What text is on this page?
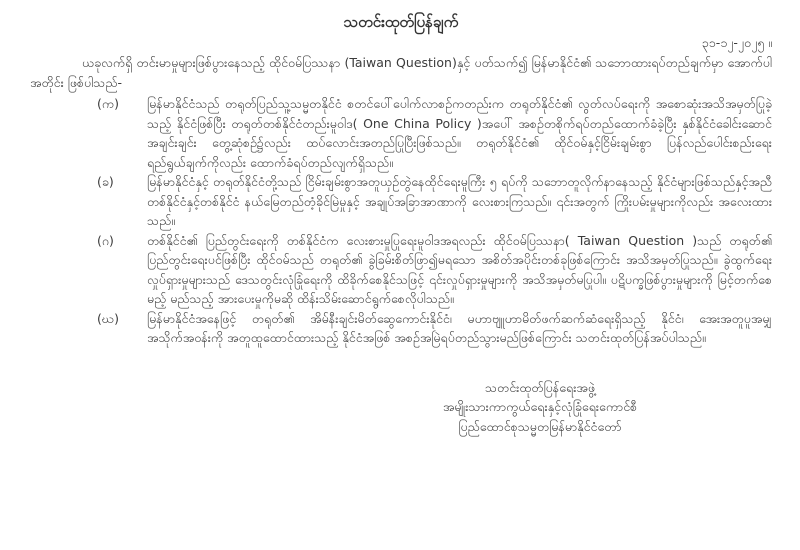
သတင်းထုတ်ပြန်ချက်
၃၁-၁၂-၂၀၂၅ ။

ယခုလက်ရှိ တင်းမာမှုများဖြစ်ပွားနေသည့် ထိုင်ဝမ်ပြဿနာ (Taiwan Question)နှင့် ပတ်သက်၍ မြန်မာနိုင်ငံ၏ သဘောထားရပ်တည်ချက်မှာ အောက်ပါအတိုင်း ဖြစ်ပါသည်-

(က)	မြန်မာနိုင်ငံသည် တရုတ်ပြည်သူ့သမ္မတနိုင်ငံ စတင်ပေါ်ပေါက်လာစဉ်ကတည်းက တရုတ်နိုင်ငံ၏ လွတ်လပ်ရေးကို အစောဆုံးအသိအမှတ်ပြုခဲ့သည့် နိုင်ငံဖြစ်ပြီး တရုတ်တစ်နိုင်ငံတည်းမူဝါဒ( One China Policy )အပေါ် အစဉ်တစိုက်ရပ်တည်ထောက်ခံခဲ့ပြီး နှစ်နိုင်ငံခေါင်းဆောင်အချင်းချင်း တွေ့ဆုံစဉ်၌လည်း ထပ်လောင်းအတည်ပြုပြီးဖြစ်သည်။ တရုတ်နိုင်ငံ၏ ထိုင်ဝမ်နှင့်ငြိမ်းချမ်းစွာ ပြန်လည်ပေါင်းစည်းရေး ရည်ရွယ်ချက်ကိုလည်း ထောက်ခံရပ်တည်လျက်ရှိသည်။
(ခ)	မြန်မာနိုင်ငံနှင့် တရုတ်နိုင်ငံတို့သည် ငြိမ်းချမ်းစွာအတူယှဉ်တွဲနေထိုင်ရေးမူကြီး ၅ ရပ်ကို သဘောတူလိုက်နာနေသည့် နိုင်ငံများဖြစ်သည်နှင့်အညီ တစ်နိုင်ငံနှင့်တစ်နိုင်ငံ နယ်မြေတည်တံ့ခိုင်မြဲမှုနှင့် အချုပ်အခြာအာဏာကို လေးစားကြသည်။ ၎င်းအတွက် ကြိုးပမ်းမှုများကိုလည်း အလေးထားသည်။
(ဂ)	တစ်နိုင်ငံ၏ ပြည်တွင်းရေးကို တစ်နိုင်ငံက လေးစားမှုပြုရေးမူဝါဒအရလည်း ထိုင်ဝမ်ပြဿနာ( Taiwan Question )သည် တရုတ်၏ ပြည်တွင်းရေးပင်ဖြစ်ပြီး ထိုင်ဝမ်သည် တရုတ်၏ ခွဲခြမ်းစိတ်ဖြာ၍မရသော အစိတ်အပိုင်းတစ်ခုဖြစ်ကြောင်း အသိအမှတ်ပြုသည်။ ခွဲထွက်ရေးလှုပ်ရှားမှုများသည် ဒေသတွင်းလုံခြုံရေးကို ထိခိုက်စေနိုင်သဖြင့် ၎င်းလှုပ်ရှားမှုများကို အသိအမှတ်မပြုပါ။ ပဋိပက္ခဖြစ်ပွားမှုများကို မြင့်တက်စေမည့် မည်သည့် အားပေးမှုကိုမဆို ထိန်းသိမ်းဆောင်ရွက်စေလိုပါသည်။
(ဃ)	မြန်မာနိုင်ငံအနေဖြင့် တရုတ်၏ အိမ်နီးချင်းမိတ်ဆွေကောင်းနိုင်ငံ၊ မဟာဗျူဟာမိတ်ဖက်ဆက်ဆံရေးရှိသည့် နိုင်ငံ၊ အေးအတူပူအမျှအသိုက်အဝန်းကို အတူထူထောင်ထားသည့် နိုင်ငံအဖြစ် အစဉ်အမြဲရပ်တည်သွားမည်ဖြစ်ကြောင်း သတင်းထုတ်ပြန်အပ်ပါသည်။
သတင်းထုတ်ပြန်ရေးအဖွဲ့
အမျိုးသားကာကွယ်ရေးနှင့်လုံခြုံရေးကောင်စီ
ပြည်ထောင်စုသမ္မတမြန်မာနိုင်ငံတော်
